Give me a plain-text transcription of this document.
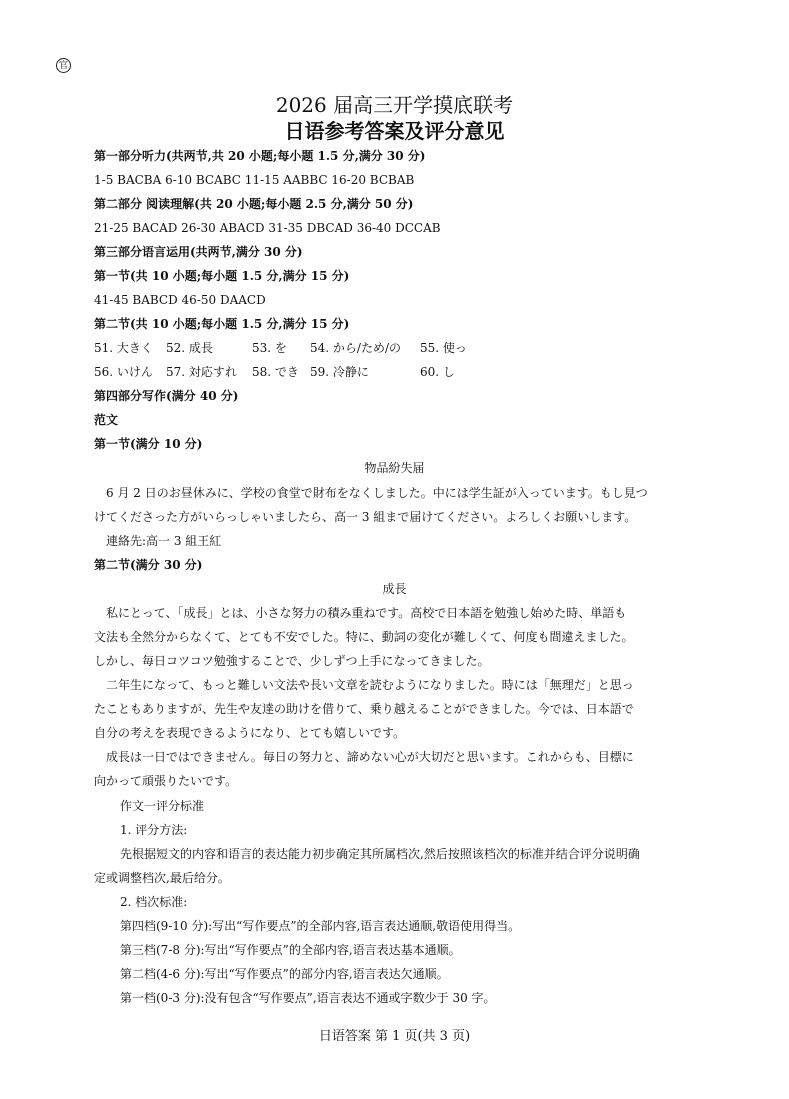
官
2026 届高三开学摸底联考
日语参考答案及评分意见
第一部分听力(共两节,共 20 小题;每小题 1.5 分,满分 30 分)
1-5 BACBA 6-10 BCABC 11-15 AABBC 16-20 BCBAB
第二部分 阅读理解(共 20 小题;每小题 2.5 分,满分 50 分)
21-25 BACAD 26-30 ABACD 31-35 DBCAD 36-40 DCCAB
第三部分语言运用(共两节,满分 30 分)
第一节(共 10 小题;每小题 1.5 分,满分 15 分)
41-45 BABCD 46-50 DAACD
第二节(共 10 小题;每小题 1.5 分,满分 15 分)
51. 大きく 52. 成長	53. を 54. から/ため/の 55. 使っ
56. いけん 57. 対応すれ 58. でき 59. 冷静に	60. し
第四部分写作(满分 40 分)
范文
第一节(满分 10 分)
物品紛失届
　6 月 2 日のお昼休みに、学校の食堂で財布をなくしました。中には学生証が入っています。もし見つ
けてくださった方がいらっしゃいましたら、高一 3 組まで届けてください。よろしくお願いします。
　連絡先:高一 3 組王紅
第二节(满分 30 分)
成長
　私にとって、「成長」とは、小さな努力の積み重ねです。高校で日本語を勉強し始めた時、単語も
文法も全然分からなくて、とても不安でした。特に、動詞の変化が難しくて、何度も間違えました。
しかし、毎日コツコツ勉強することで、少しずつ上手になってきました。
　二年生になって、もっと難しい文法や長い文章を読むようになりました。時には「無理だ」と思っ
たこともありますが、先生や友達の助けを借りて、乗り越えることができました。今では、日本語で
自分の考えを表現できるようになり、とても嬉しいです。
　成長は一日ではできません。毎日の努力と、諦めない心が大切だと思います。これからも、目標に
向かって頑張りたいです。
作文一评分标准
1. 评分方法:
先根据短文的内容和语言的表达能力初步确定其所属档次,然后按照该档次的标准并结合评分说明确
定或调整档次,最后给分。
2. 档次标准:
第四档(9-10 分):写出“写作要点”的全部内容,语言表达通顺,敬语使用得当。
第三档(7-8 分):写出“写作要点”的全部内容,语言表达基本通顺。
第二档(4-6 分):写出“写作要点”的部分内容,语言表达欠通顺。
第一档(0-3 分):没有包含“写作要点”,语言表达不通或字数少于 30 字。
日语答案 第 1 页(共 3 页)
